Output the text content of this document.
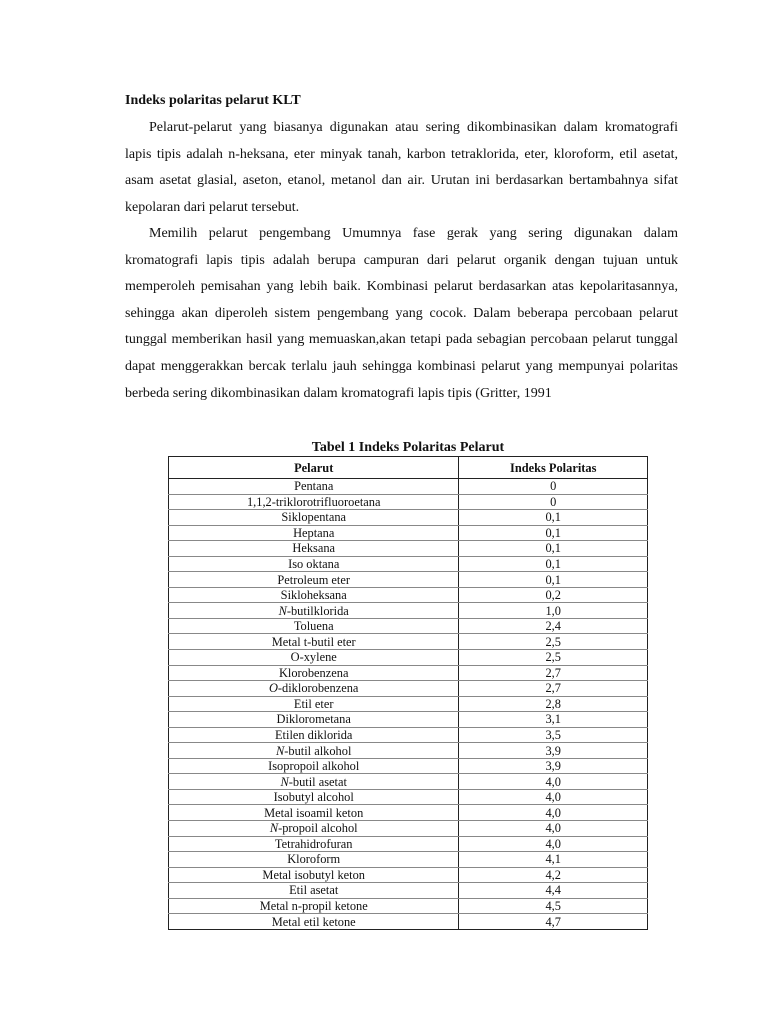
Indeks polaritas pelarut KLT

Pelarut-pelarut yang biasanya digunakan atau sering dikombinasikan dalam kromatografi lapis tipis adalah n-heksana, eter minyak tanah, karbon tetraklorida, eter, kloroform, etil asetat, asam asetat glasial, aseton, etanol, metanol dan air. Urutan ini berdasarkan bertambahnya sifat kepolaran dari pelarut tersebut.

Memilih pelarut pengembang Umumnya fase gerak yang sering digunakan dalam kromatografi lapis tipis adalah berupa campuran dari pelarut organik dengan tujuan untuk memperoleh pemisahan yang lebih baik. Kombinasi pelarut berdasarkan atas kepolaritasannya, sehingga akan diperoleh sistem pengembang yang cocok. Dalam beberapa percobaan pelarut tunggal memberikan hasil yang memuaskan,akan tetapi pada sebagian percobaan pelarut tunggal dapat menggerakkan bercak terlalu jauh sehingga kombinasi pelarut yang mempunyai polaritas berbeda sering dikombinasikan dalam kromatografi lapis tipis (Gritter, 1991

Tabel 1 Indeks Polaritas Pelarut

Pelarut	Indeks Polaritas
Pentana	0
1,1,2-triklorotrifluoroetana	0
Siklopentana	0,1
Heptana	0,1
Heksana	0,1
Iso oktana	0,1
Petroleum eter	0,1
Sikloheksana	0,2
N-butilklorida	1,0
Toluena	2,4
Metal t-butil eter	2,5
O-xylene	2,5
Klorobenzena	2,7
O-diklorobenzena	2,7
Etil eter	2,8
Diklorometana	3,1
Etilen diklorida	3,5
N-butil alkohol	3,9
Isopropoil alkohol	3,9
N-butil asetat	4,0
Isobutyl alcohol	4,0
Metal isoamil keton	4,0
N-propoil alcohol	4,0
Tetrahidrofuran	4,0
Kloroform	4,1
Metal isobutyl keton	4,2
Etil asetat	4,4
Metal n-propil ketone	4,5
Metal etil ketone	4,7
